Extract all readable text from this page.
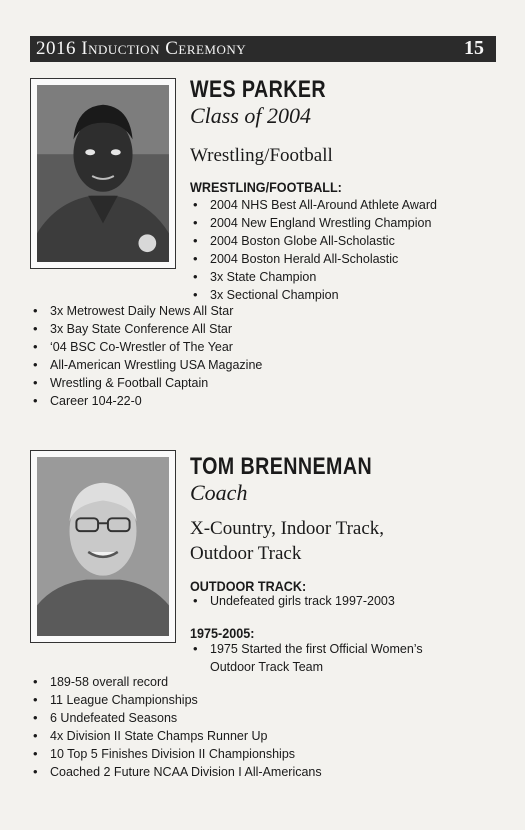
2016 Induction Ceremony	15
WES PARKER
Class of 2004
Wrestling/Football
WRESTLING/FOOTBALL:
• 2004 NHS Best All-Around Athlete Award
• 2004 New England Wrestling Champion
• 2004 Boston Globe All-Scholastic
• 2004 Boston Herald All-Scholastic
• 3x State Champion
• 3x Sectional Champion
• 3x Metrowest Daily News All Star
• 3x Bay State Conference All Star
• ‘04 BSC Co-Wrestler of The Year
• All-American Wrestling USA Magazine
• Wrestling & Football Captain
• Career 104-22-0
TOM BRENNEMAN
Coach
X-Country, Indoor Track,
Outdoor Track
OUTDOOR TRACK:
• Undefeated girls track 1997-2003
1975-2005:
• 1975 Started the first Official Women’s Outdoor Track Team
• 189-58 overall record
• 11 League Championships
• 6 Undefeated Seasons
• 4x Division II State Champs Runner Up
• 10 Top 5 Finishes Division II Championships
• Coached 2 Future NCAA Division I All-Americans
